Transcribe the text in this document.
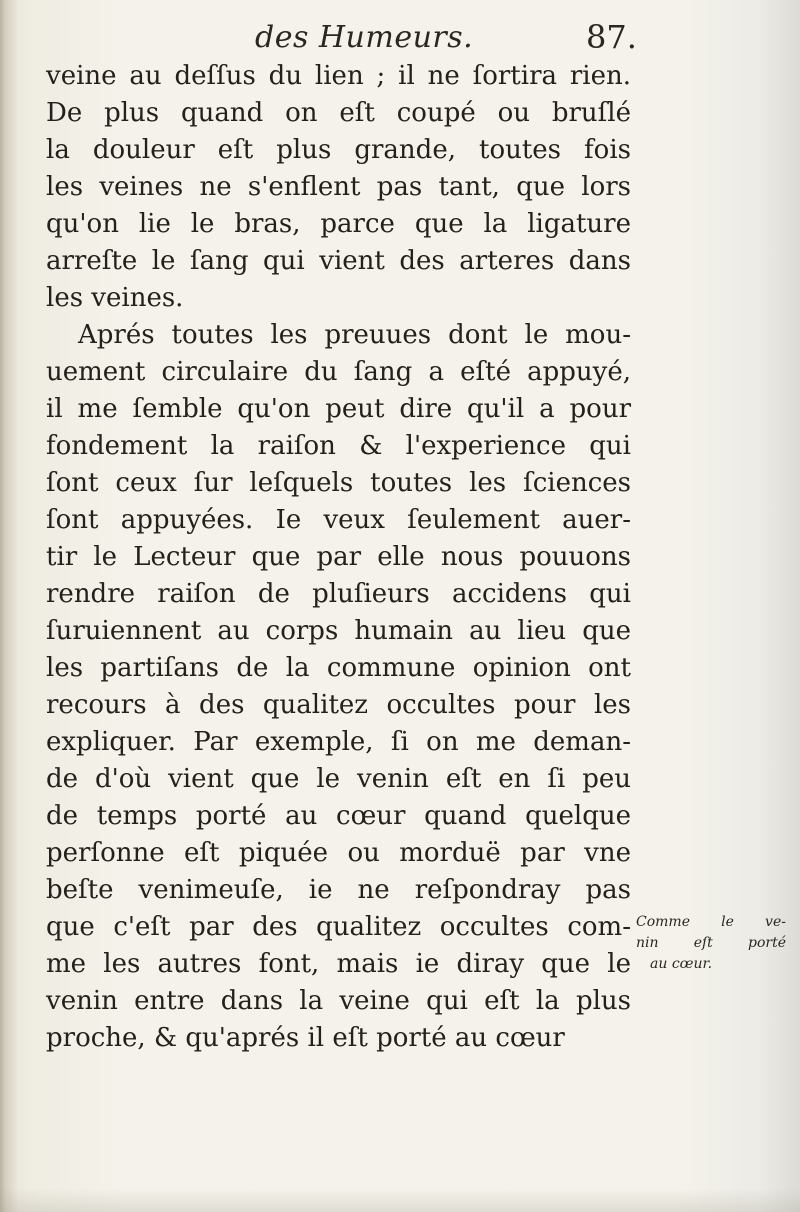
des Humeurs.	87.
veine au deſſus du lien ; il ne ſortira rien.
De plus quand on eſt coupé ou bruſlé
la douleur eſt plus grande, toutes fois
les veines ne s'enflent pas tant, que lors
qu'on lie le bras, parce que la ligature
arreſte le ſang qui vient des arteres dans
les veines.
Aprés toutes les preuues dont le mou-
uement circulaire du ſang a eſté appuyé,
il me ſemble qu'on peut dire qu'il a pour
fondement la raiſon & l'experience qui
ſont ceux ſur leſquels toutes les ſciences
ſont appuyées. Ie veux ſeulement auer-
tir le Lecteur que par elle nous pouuons
rendre raiſon de pluſieurs accidens qui
ſuruiennent au corps humain au lieu que
les partiſans de la commune opinion ont
recours à des qualitez occultes pour les
expliquer. Par exemple, ſi on me deman-
de d'où vient que le venin eſt en ſi peu
de temps porté au cœur quand quelque
perſonne eſt piquée ou morduë par vne
beſte venimeuſe, ie ne reſpondray pas
que c'eſt par des qualitez occultes com-
me les autres font, mais ie diray que le
venin entre dans la veine qui eſt la plus
proche, & qu'aprés il eſt porté au cœur
Comme le ve-
nin eſt porté
au cœur.
